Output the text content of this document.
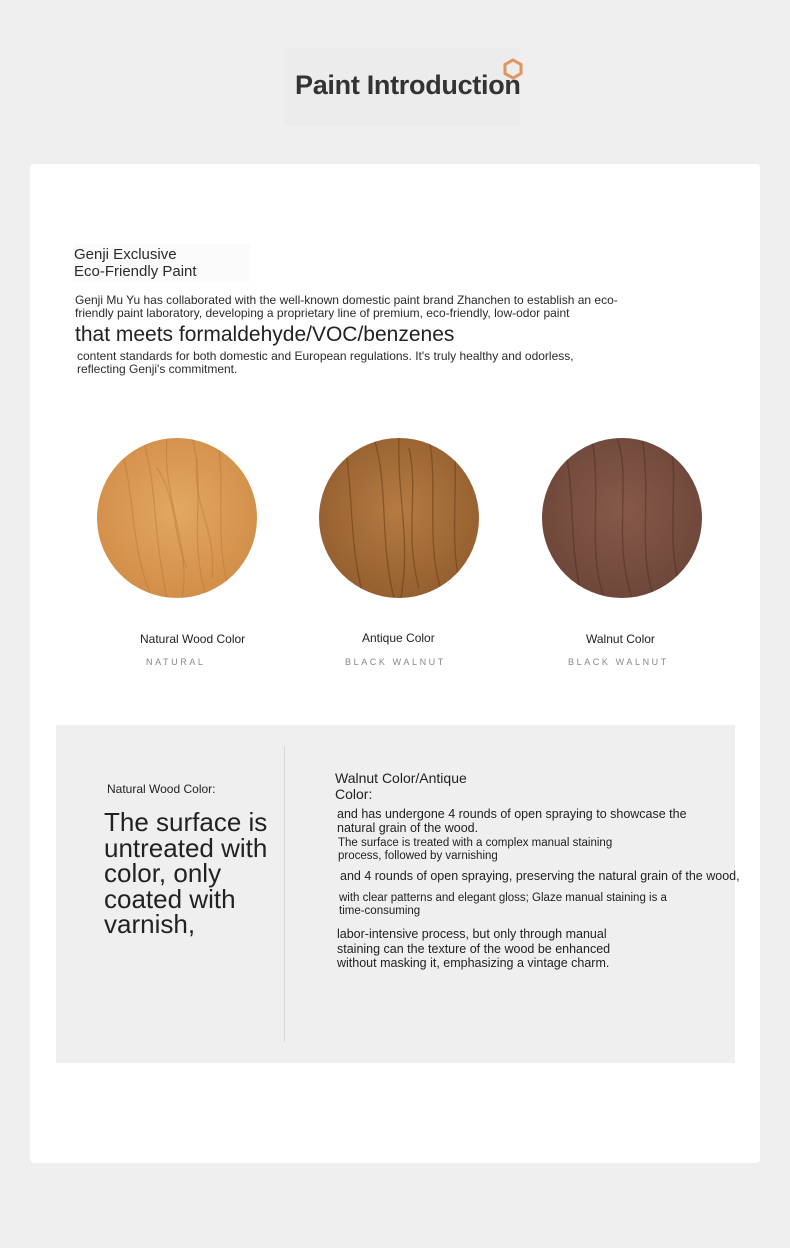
Paint Introduction
Genji Exclusive
Eco-Friendly Paint
Genji Mu Yu has collaborated with the well-known domestic paint brand Zhanchen to establish an eco-friendly paint laboratory, developing a proprietary line of premium, eco-friendly, low-odor paint
that meets formaldehyde/VOC/benzenes
content standards for both domestic and European regulations. It's truly healthy and odorless, reflecting Genji's commitment.
Natural Wood Color
NATURAL
Antique Color
BLACK WALNUT
Walnut Color
BLACK WALNUT
Natural Wood Color:
The surface is untreated with color, only coated with varnish,
Walnut Color/Antique Color:
and has undergone 4 rounds of open spraying to showcase the natural grain of the wood.
The surface is treated with a complex manual staining process, followed by varnishing
and 4 rounds of open spraying, preserving the natural grain of the wood,
with clear patterns and elegant gloss; Glaze manual staining is a time-consuming
labor-intensive process, but only through manual staining can the texture of the wood be enhanced without masking it, emphasizing a vintage charm.
